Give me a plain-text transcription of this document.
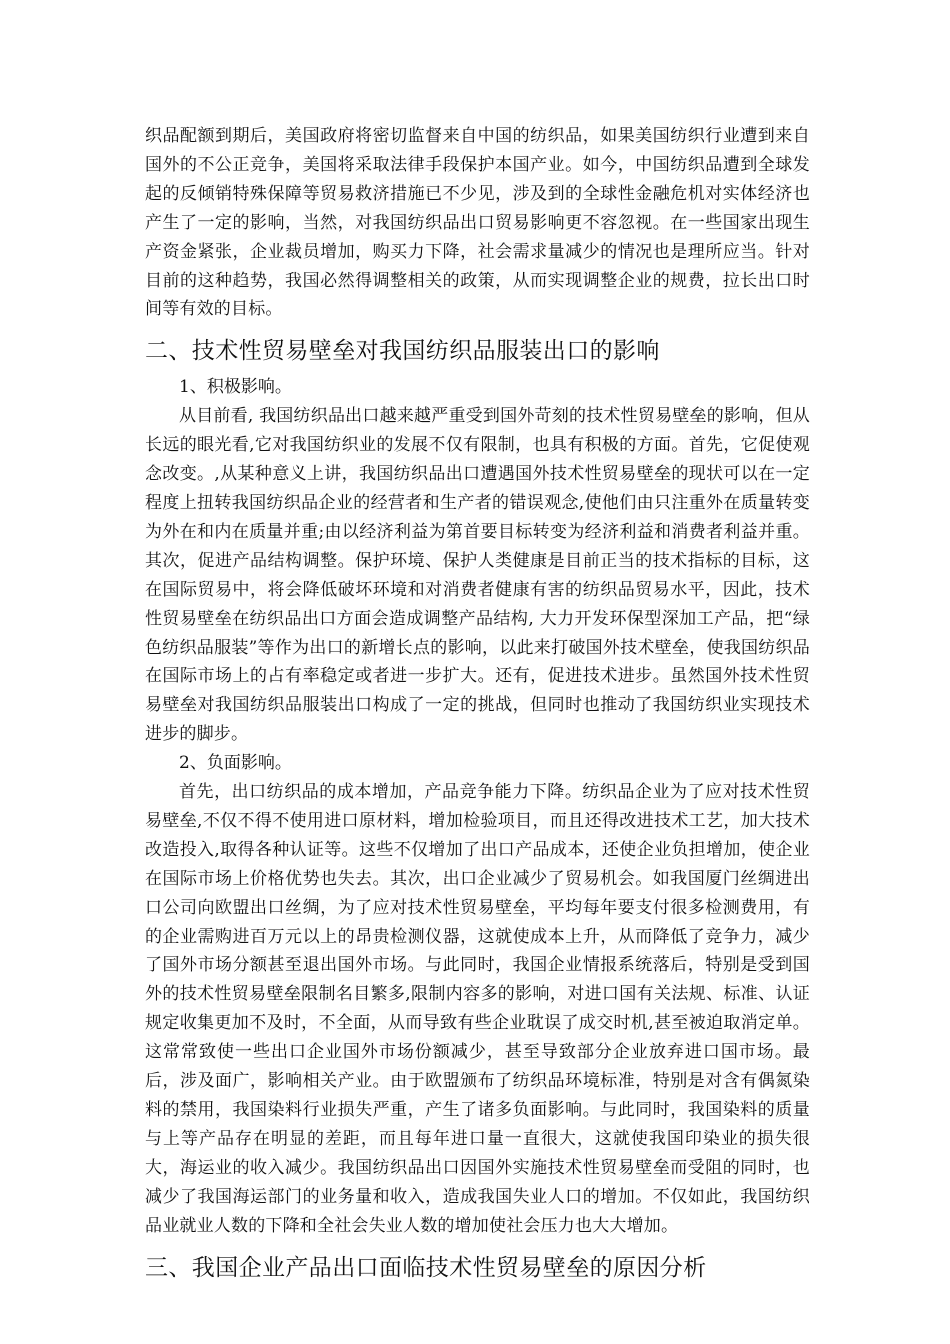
织品配额到期后，美国政府将密切监督来自中国的纺织品，如果美国纺织行业遭到来自国外的不公正竞争，美国将采取法律手段保护本国产业。如今，中国纺织品遭到全球发起的反倾销特殊保障等贸易救济措施已不少见，涉及到的全球性金融危机对实体经济也产生了一定的影响，当然，对我国纺织品出口贸易影响更不容忽视。在一些国家出现生产资金紧张，企业裁员增加，购买力下降，社会需求量减少的情况也是理所应当。针对目前的这种趋势，我国必然得调整相关的政策，从而实现调整企业的规费，拉长出口时间等有效的目标。

二、技术性贸易壁垒对我国纺织品服装出口的影响

1、积极影响。

从目前看, 我国纺织品出口越来越严重受到国外苛刻的技术性贸易壁垒的影响，但从长远的眼光看,它对我国纺织业的发展不仅有限制，也具有积极的方面。首先，它促使观念改变。,从某种意义上讲，我国纺织品出口遭遇国外技术性贸易壁垒的现状可以在一定程度上扭转我国纺织品企业的经营者和生产者的错误观念,使他们由只注重外在质量转变为外在和内在质量并重;由以经济利益为第首要目标转变为经济利益和消费者利益并重。其次，促进产品结构调整。保护环境、保护人类健康是目前正当的技术指标的目标，这在国际贸易中，将会降低破坏环境和对消费者健康有害的纺织品贸易水平，因此，技术性贸易壁垒在纺织品出口方面会造成调整产品结构, 大力开发环保型深加工产品，把“绿色纺织品服装”等作为出口的新增长点的影响，以此来打破国外技术壁垒，使我国纺织品在国际市场上的占有率稳定或者进一步扩大。还有，促进技术进步。虽然国外技术性贸易壁垒对我国纺织品服装出口构成了一定的挑战，但同时也推动了我国纺织业实现技术进步的脚步。

2、负面影响。

首先，出口纺织品的成本增加，产品竞争能力下降。纺织品企业为了应对技术性贸易壁垒,不仅不得不使用进口原材料，增加检验项目，而且还得改进技术工艺，加大技术改造投入,取得各种认证等。这些不仅增加了出口产品成本，还使企业负担增加，使企业在国际市场上价格优势也失去。其次，出口企业减少了贸易机会。如我国厦门丝绸进出口公司向欧盟出口丝绸，为了应对技术性贸易壁垒，平均每年要支付很多检测费用，有的企业需购进百万元以上的昂贵检测仪器，这就使成本上升，从而降低了竞争力，减少了国外市场分额甚至退出国外市场。与此同时，我国企业情报系统落后，特别是受到国外的技术性贸易壁垒限制名目繁多,限制内容多的影响，对进口国有关法规、标准、认证规定收集更加不及时，不全面，从而导致有些企业耽误了成交时机,甚至被迫取消定单。这常常致使一些出口企业国外市场份额减少，甚至导致部分企业放弃进口国市场。最后，涉及面广，影响相关产业。由于欧盟颁布了纺织品环境标准，特别是对含有偶氮染料的禁用，我国染料行业损失严重，产生了诸多负面影响。与此同时，我国染料的质量与上等产品存在明显的差距，而且每年进口量一直很大，这就使我国印染业的损失很大，海运业的收入减少。我国纺织品出口因国外实施技术性贸易壁垒而受阻的同时，也减少了我国海运部门的业务量和收入，造成我国失业人口的增加。不仅如此，我国纺织品业就业人数的下降和全社会失业人数的增加使社会压力也大大增加。

三、我国企业产品出口面临技术性贸易壁垒的原因分析
